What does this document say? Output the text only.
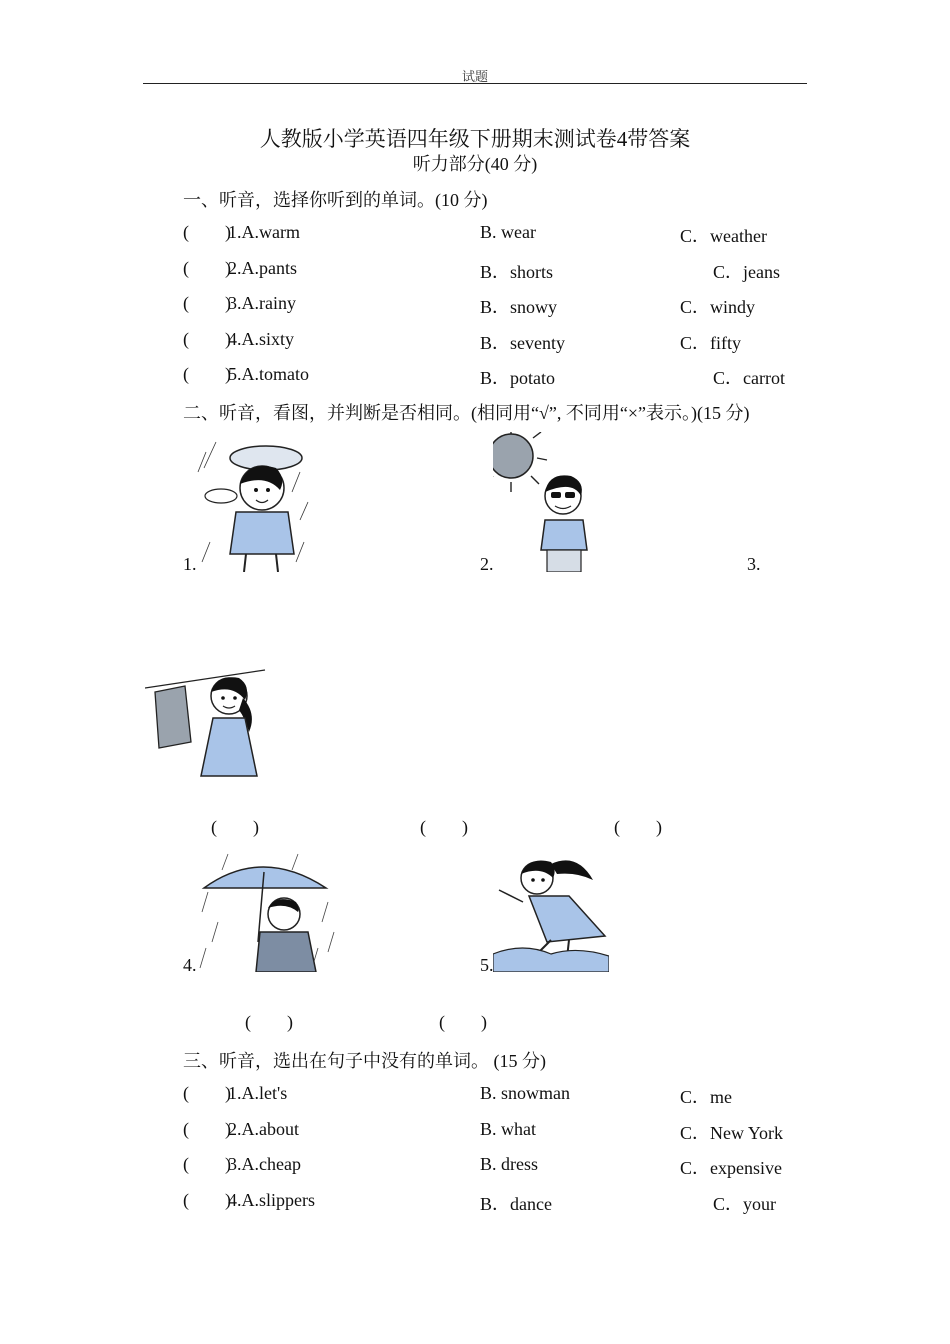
试题
人教版小学英语四年级下册期末测试卷4带答案
听力部分(40 分)
一、听音，选择你听到的单词。(10 分)
(        )
1.A.warm	B. wear	C．weather
(        )
2.A.pants	B．shorts	C．jeans
(        )
3.A.rainy	B．snowy	C．windy
(        )
4.A.sixty	B．seventy	C．fifty
(        )
5.A.tomato	B．potato	C．carrot
二、听音，看图，并判断是否相同。(相同用“√”, 不同用“×”表示。)(15 分)
1.	2.	3.
(        )	(        )	(        )
4.	5.
(        )	(        )
三、听音，选出在句子中没有的单词。 (15 分)
(        )
1.A.let's	B. snowman	C．me
(        )
2.A.about	B. what	C．New York
(        )
3.A.cheap	B. dress	C．expensive
(        )
4.A.slippers	B．dance	C．your
